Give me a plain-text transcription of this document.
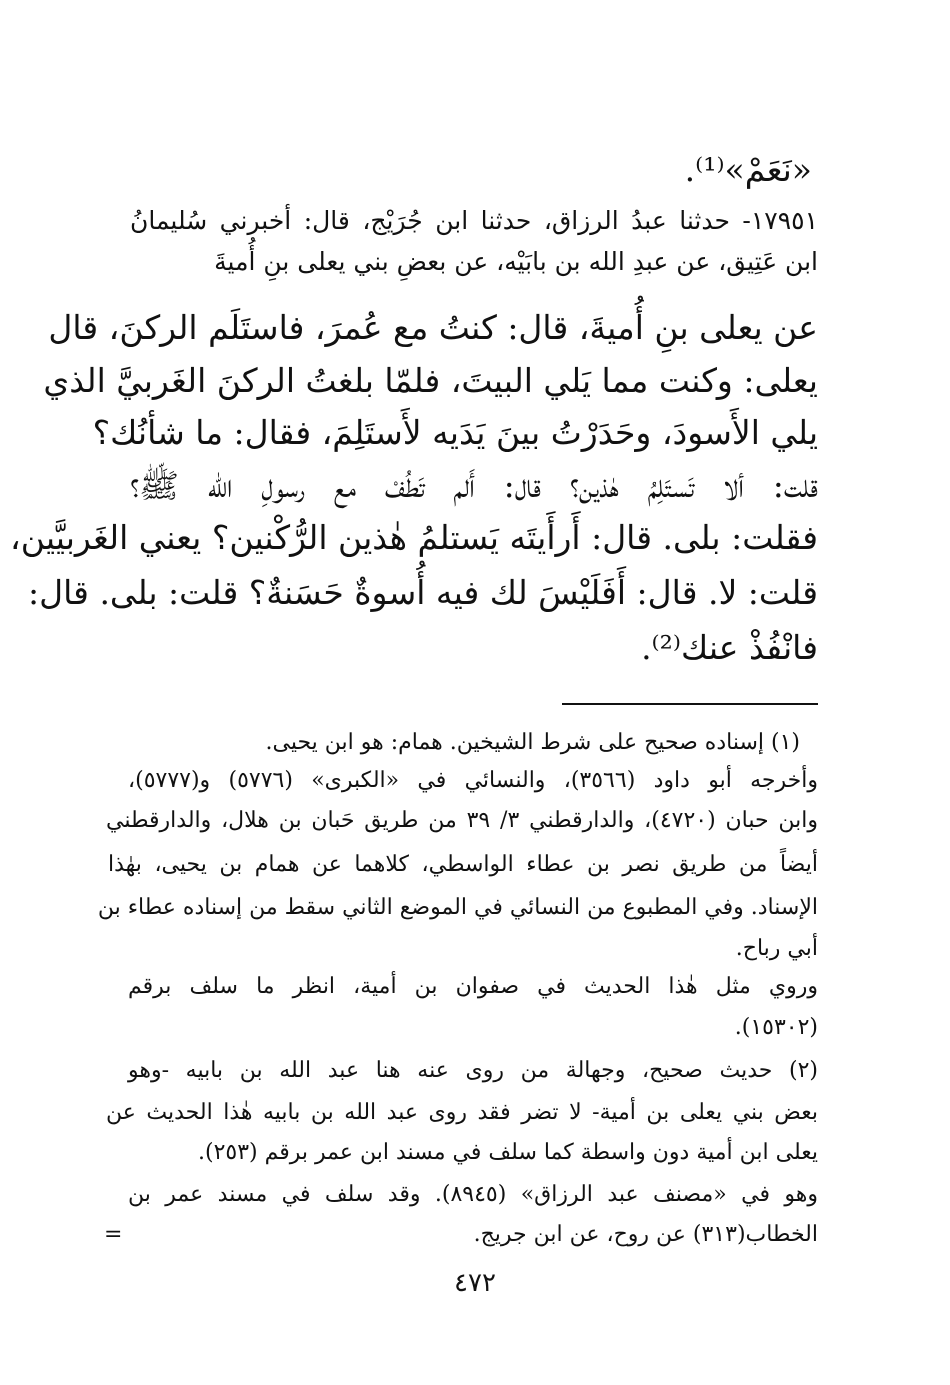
«نَعَمْ»⁽¹⁾.
١٧٩٥١- حدثنا عبدُ الرزاق، حدثنا ابن جُرَيْج، قال: أخبرني سُليمانُ
ابن عَتِيق، عن عبدِ الله بن بابَيْه، عن بعضِ بني يعلى بنِ أُميةَ
عن يعلى بنِ أُميةَ، قال: كنتُ مع عُمرَ، فاستَلَم الركنَ، قال
يعلى: وكنت مما يَلي البيتَ، فلمّا بلغتُ الركنَ الغَربيَّ الذي
يلي الأَسودَ، وحَدَرْتُ بينَ يَدَيه لأَستَلِمَ، فقال: ما شأنُك؟
قلت: ألا تَستَلِمُ هٰذين؟ قال: أَلم تَطُفْ مع رسولِ الله ﷺ؟
فقلت: بلى. قال: أَرأَيتَه يَستلمُ هٰذين الرُّكْنين؟ يعني الغَربيَّين،
قلت: لا. قال: أَفَلَيْسَ لك فيه أُسوةٌ حَسَنةٌ؟ قلت: بلى. قال:
فانْفُذْ عنك⁽²⁾.
(١) إسناده صحيح على شرط الشيخين. همام: هو ابن يحيى.
وأخرجه أبو داود (٣٥٦٦)، والنسائي في «الكبرى» (٥٧٧٦) و(٥٧٧٧)،
وابن حبان (٤٧٢٠)، والدارقطني ٣/ ٣٩ من طريق حَبان بن هلال، والدارقطني
أيضاً من طريق نصر بن عطاء الواسطي، كلاهما عن همام بن يحيى، بهٰذا
الإسناد. وفي المطبوع من النسائي في الموضع الثاني سقط من إسناده عطاء بن
أبي رباح.
وروي مثل هٰذا الحديث في صفوان بن أمية، انظر ما سلف برقم
(١٥٣٠٢).
(٢) حديث صحيح، وجهالة من روى عنه هنا عبد الله بن بابيه -وهو
بعض بني يعلى بن أمية- لا تضر فقد روى عبد الله بن بابيه هٰذا الحديث عن
يعلى ابن أمية دون واسطة كما سلف في مسند ابن عمر برقم (٢٥٣).
وهو في «مصنف عبد الرزاق» (٨٩٤٥). وقد سلف في مسند عمر بن
الخطاب(٣١٣) عن روح، عن ابن جريج.
=
٤٧٢
